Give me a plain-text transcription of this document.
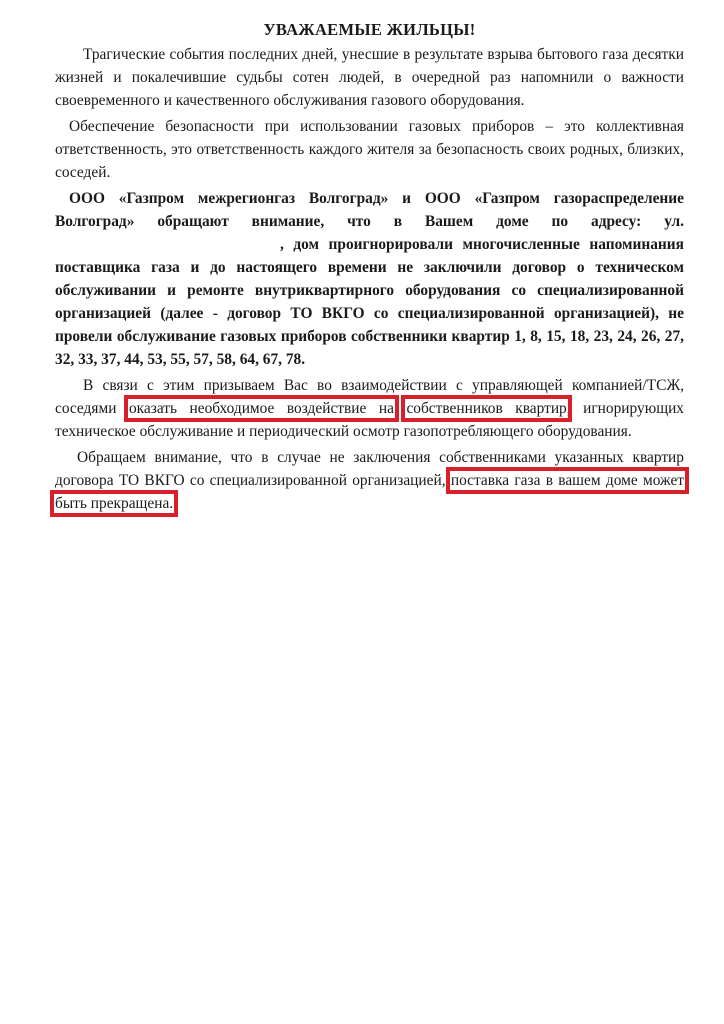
УВАЖАЕМЫЕ ЖИЛЬЦЫ!

Трагические события последних дней, унесшие в результате взрыва бытового газа десятки жизней и покалечившие судьбы сотен людей, в очередной раз напомнили о важности своевременного и качественного обслуживания газового оборудования.

Обеспечение безопасности при использовании газовых приборов – это коллективная ответственность, это ответственность каждого жителя за безопасность своих родных, близких, соседей.

ООО «Газпром межрегионгаз Волгоград» и ООО «Газпром газораспределение Волгоград» обращают внимание, что в Вашем доме по адресу: ул. , дом проигнорировали многочисленные напоминания поставщика газа и до настоящего времени не заключили договор о техническом обслуживании и ремонте внутриквартирного оборудования со специализированной организацией (далее - договор ТО ВКГО со специализированной организацией), не провели обслуживание газовых приборов собственники квартир 1, 8, 15, 18, 23, 24, 26, 27, 32, 33, 37, 44, 53, 55, 57, 58, 64, 67, 78.

В связи с этим призываем Вас во взаимодействии с управляющей компанией/ТСЖ, соседями оказать необходимое воздействие на собственников квартир, игнорирующих техническое обслуживание и периодический осмотр газопотребляющего оборудования.

Обращаем внимание, что в случае не заключения собственниками указанных квартир договора ТО ВКГО со специализированной организацией, поставка газа в вашем доме может быть прекращена.
